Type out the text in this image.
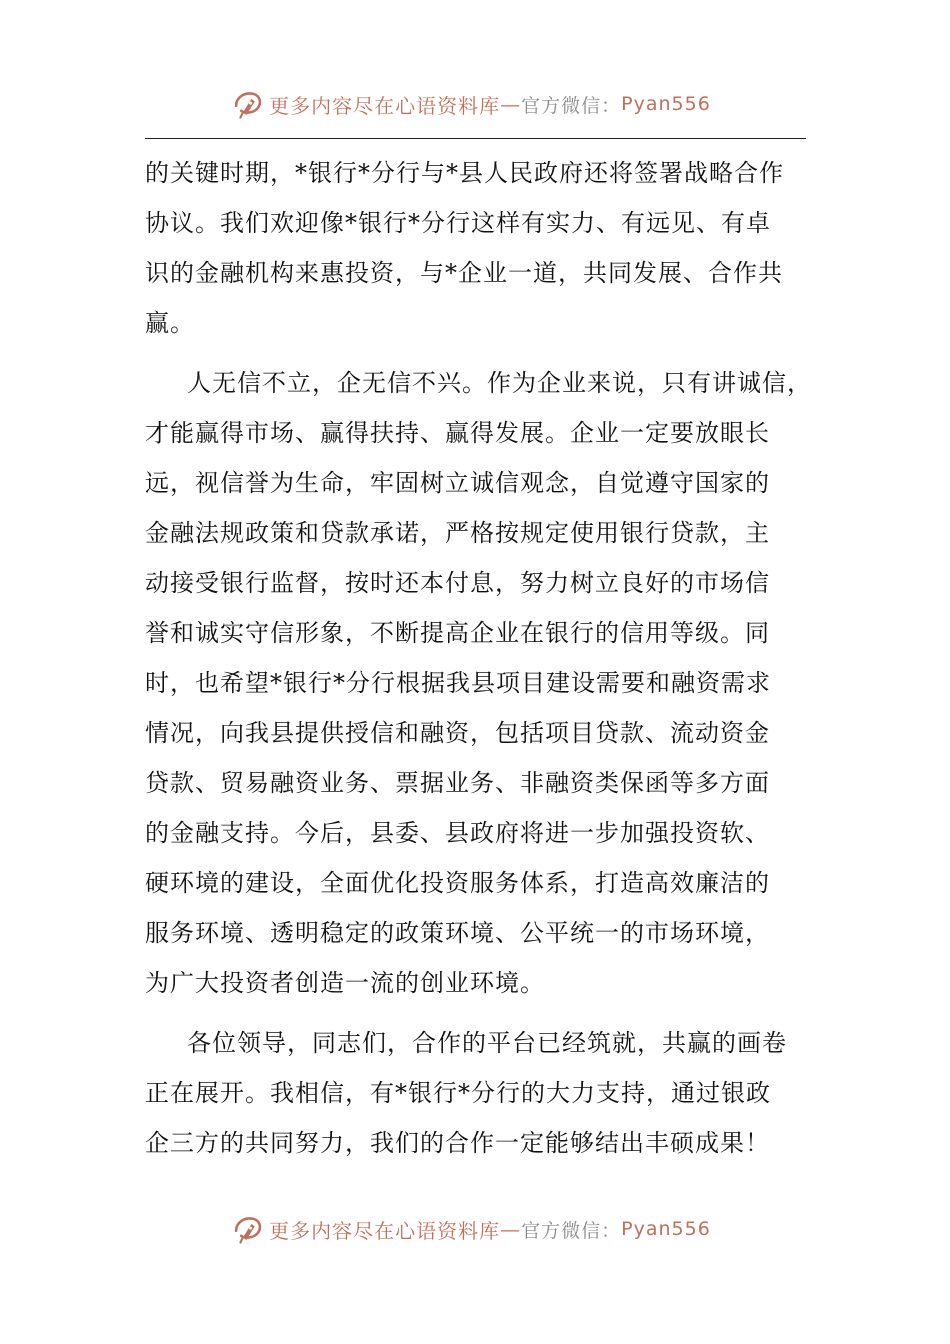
更多内容尽在心语资料库 — 官方微信： Pyan556

的关键时期，*银行*分行与*县人民政府还将签署战略合作
协议。我们欢迎像*银行*分行这样有实力、有远见、有卓
识的金融机构来惠投资，与*企业一道，共同发展、合作共
赢。

人无信不立，企无信不兴。作为企业来说，只有讲诚信，
才能赢得市场、赢得扶持、赢得发展。企业一定要放眼长
远，视信誉为生命，牢固树立诚信观念，自觉遵守国家的
金融法规政策和贷款承诺，严格按规定使用银行贷款，主
动接受银行监督，按时还本付息，努力树立良好的市场信
誉和诚实守信形象，不断提高企业在银行的信用等级。同
时，也希望*银行*分行根据我县项目建设需要和融资需求
情况，向我县提供授信和融资，包括项目贷款、流动资金
贷款、贸易融资业务、票据业务、非融资类保函等多方面
的金融支持。今后，县委、县政府将进一步加强投资软、
硬环境的建设，全面优化投资服务体系，打造高效廉洁的
服务环境、透明稳定的政策环境、公平统一的市场环境，
为广大投资者创造一流的创业环境。

各位领导，同志们，合作的平台已经筑就，共赢的画卷
正在展开。我相信，有*银行*分行的大力支持，通过银政
企三方的共同努力，我们的合作一定能够结出丰硕成果！

更多内容尽在心语资料库 — 官方微信： Pyan556
